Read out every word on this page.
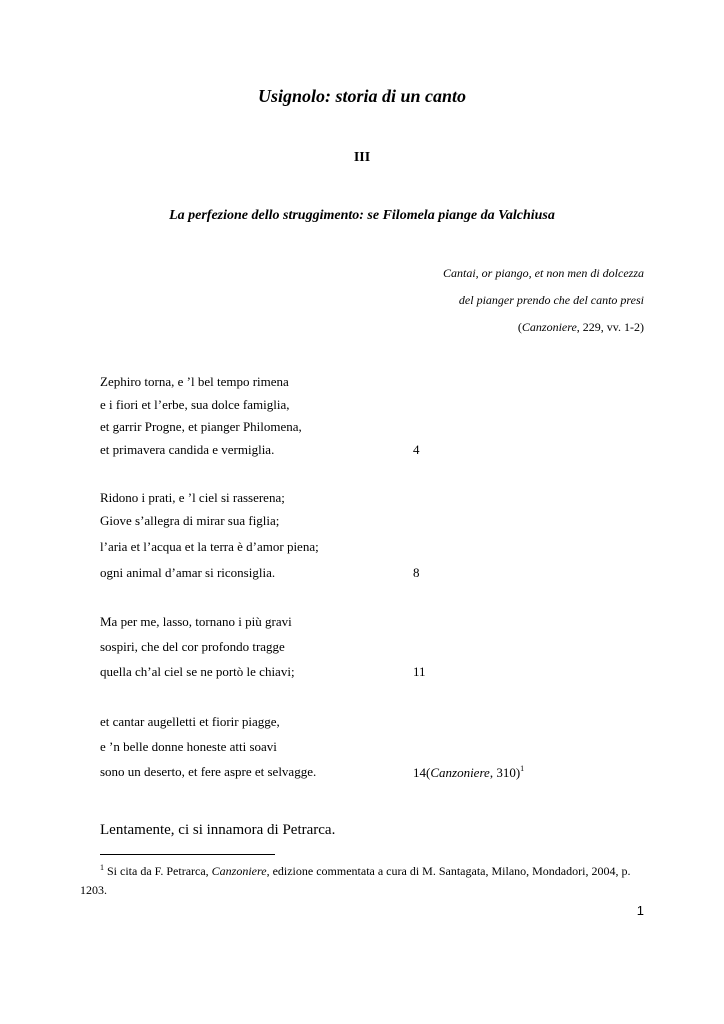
Usignolo: storia di un canto
III
La perfezione dello struggimento: se Filomela piange da Valchiusa
Cantai, or piango, et non men di dolcezza
del pianger prendo che del canto presi
(Canzoniere, 229, vv. 1-2)
Zephiro torna, e ’l bel tempo rimena
e i fiori et l’erbe, sua dolce famiglia,
et garrir Progne, et pianger Philomena,
et primavera candida e vermiglia.	4
Ridono i prati, e ’l ciel si rasserena;
Giove s’allegra di mirar sua figlia;
l’aria et l’acqua et la terra è d’amor piena;
ogni animal d’amar si riconsiglia.	8
Ma per me, lasso, tornano i più gravi
sospiri, che del cor profondo tragge
quella ch’al ciel se ne portò le chiavi;	11
et cantar augelletti et fiorir piagge,
e ’n belle donne honeste atti soavi
sono un deserto, et fere aspre et selvagge.	14(Canzoniere, 310)$^1$
Lentamente, ci si innamora di Petrarca.
$^1$ Si cita da F. Petrarca, Canzoniere, edizione commentata a cura di M. Santagata, Milano, Mondadori, 2004, p. 1203.
1
